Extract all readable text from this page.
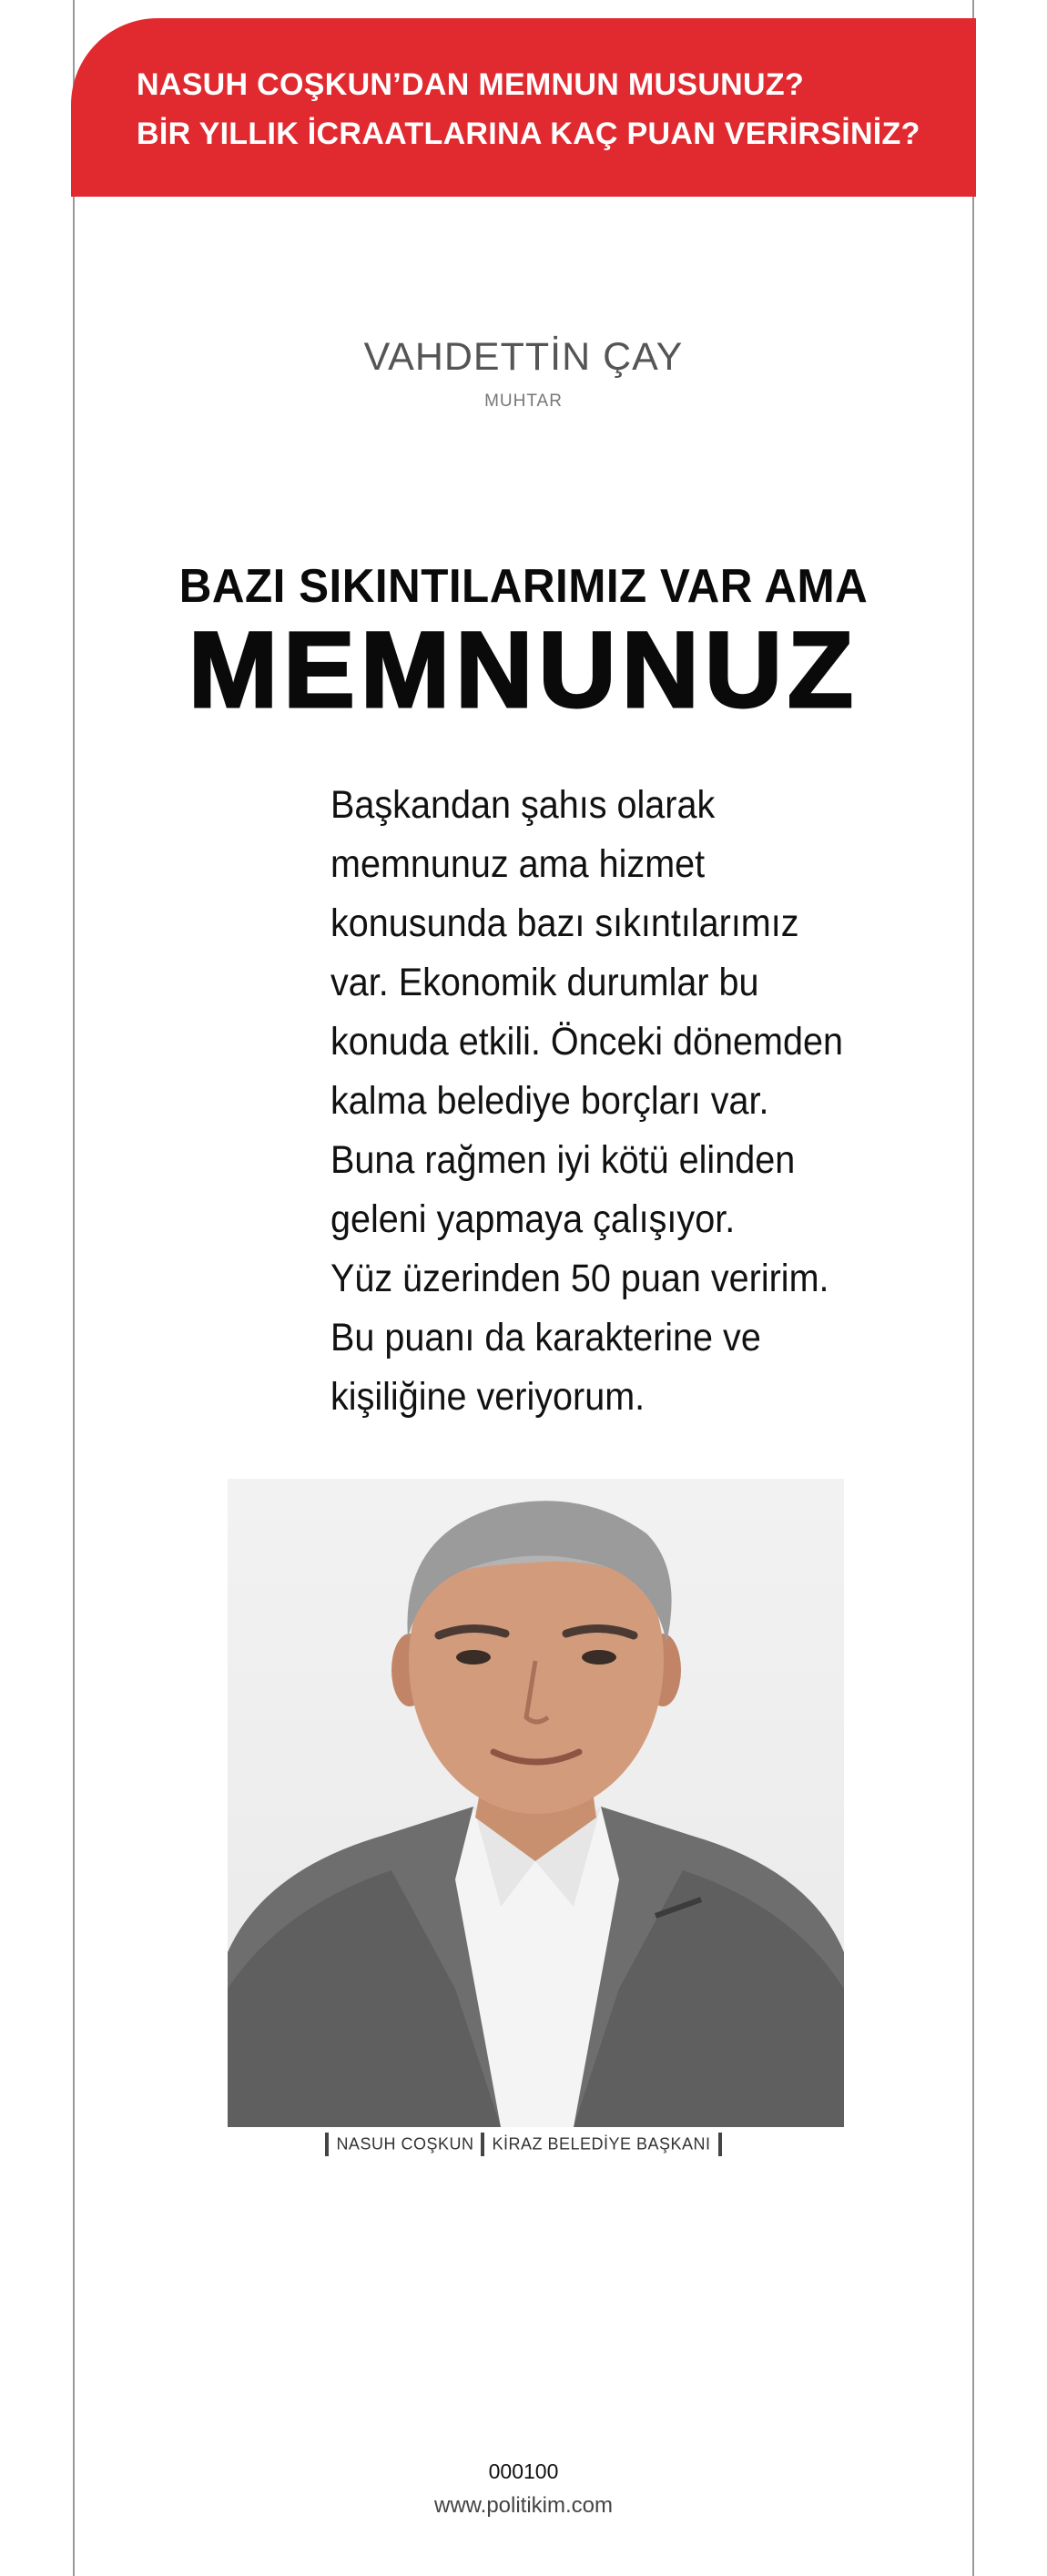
NASUH COŞKUN’DAN MEMNUN MUSUNUZ?
BİR YILLIK İCRAATLARINA KAÇ PUAN VERİRSİNİZ?
VAHDETTİN ÇAY
MUHTAR
BAZI SIKINTILARIMIZ VAR AMA
MEMNUNUZ
Başkandan şahıs olarak
memnunuz ama hizmet
konusunda bazı sıkıntılarımız
var. Ekonomik durumlar bu
konuda etkili. Önceki dönemden
kalma belediye borçları var.
Buna rağmen iyi kötü elinden
geleni yapmaya çalışıyor.
Yüz üzerinden 50 puan veririm.
Bu puanı da karakterine ve
kişiliğine veriyorum.
NASUH COŞKUN KİRAZ BELEDİYE BAŞKANI
000100
www.politikim.com
